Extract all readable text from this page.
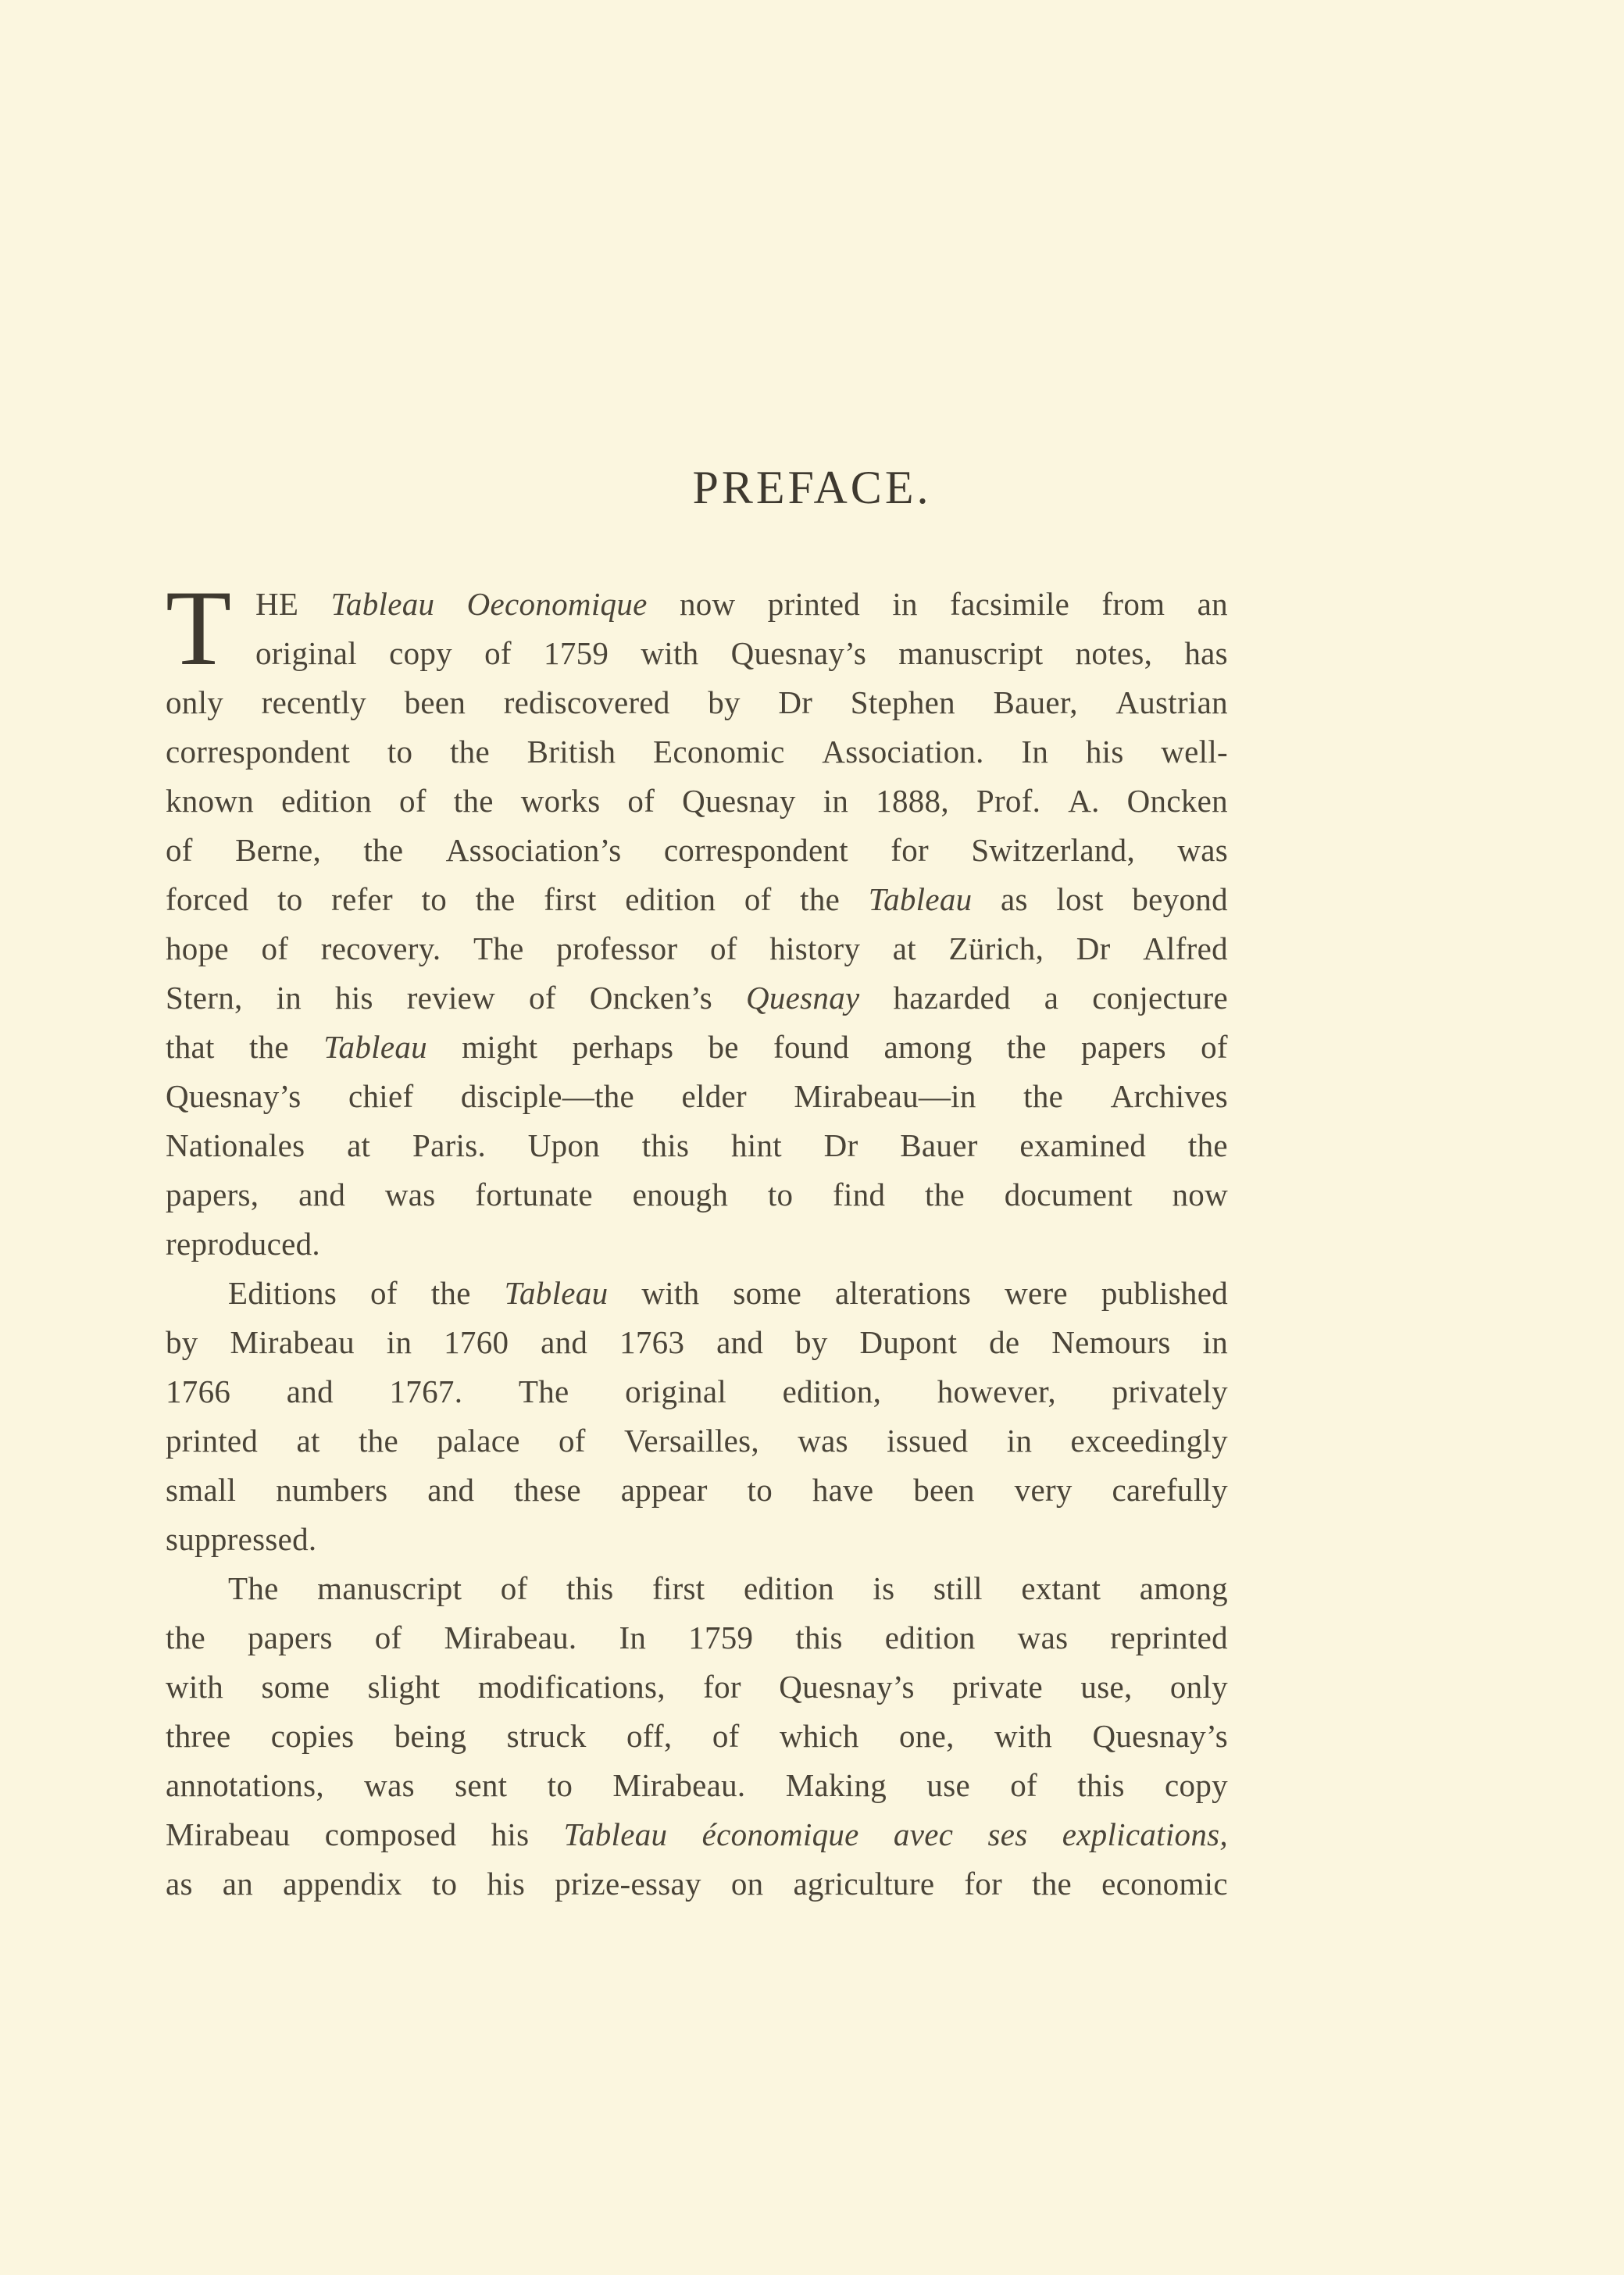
PREFACE.
T HE Tableau Oeconomique now printed in facsimile from an
original copy of 1759 with Quesnay’s manuscript notes, has
only recently been rediscovered by Dr Stephen Bauer, Austrian
correspondent to the British Economic Association. In his well-
known edition of the works of Quesnay in 1888, Prof. A. Oncken
of Berne, the Association’s correspondent for Switzerland, was
forced to refer to the first edition of the Tableau as lost beyond
hope of recovery. The professor of history at Zürich, Dr Alfred
Stern, in his review of Oncken’s Quesnay hazarded a conjecture
that the Tableau might perhaps be found among the papers of
Quesnay’s chief disciple—the elder Mirabeau—in the Archives
Nationales at Paris. Upon this hint Dr Bauer examined the
papers, and was fortunate enough to find the document now
reproduced.
Editions of the Tableau with some alterations were published
by Mirabeau in 1760 and 1763 and by Dupont de Nemours in
1766 and 1767. The original edition, however, privately
printed at the palace of Versailles, was issued in exceedingly
small numbers and these appear to have been very carefully
suppressed.
The manuscript of this first edition is still extant among
the papers of Mirabeau. In 1759 this edition was reprinted
with some slight modifications, for Quesnay’s private use, only
three copies being struck off, of which one, with Quesnay’s
annotations, was sent to Mirabeau. Making use of this copy
Mirabeau composed his Tableau économique avec ses explications,
as an appendix to his prize-essay on agriculture for the economic
